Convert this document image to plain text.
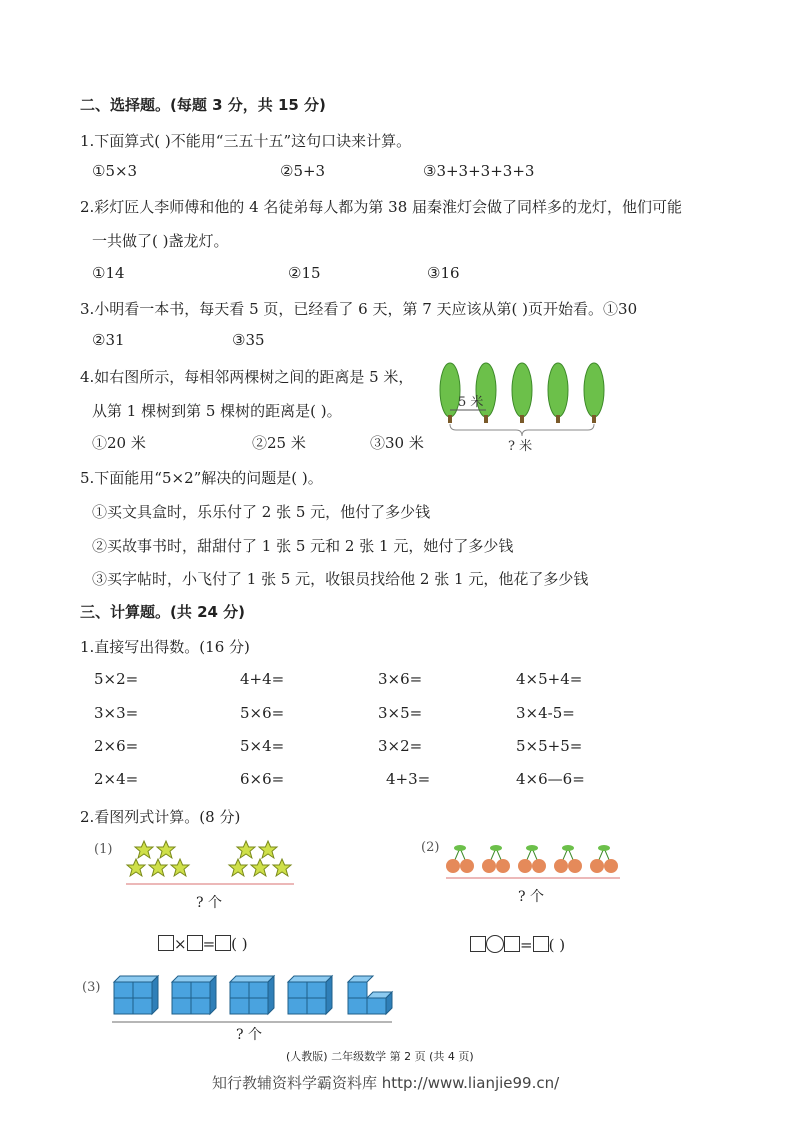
二、选择题。(每题 3 分，共 15 分)
1.下面算式( )不能用“三五十五”这句口诀来计算。
①5×3	②5+3	③3+3+3+3+3
2.彩灯匠人李师傅和他的 4 名徒弟每人都为第 38 届秦淮灯会做了同样多的龙灯，他们可能
一共做了( )盏龙灯。
①14	②15	③16
3.小明看一本书，每天看 5 页，已经看了 6 天，第 7 天应该从第( )页开始看。①30
②31	③35
4.如右图所示，每相邻两棵树之间的距离是 5 米，
从第 1 棵树到第 5 棵树的距离是( )。
①20 米	②25 米	③30 米
5 米
? 米
5.下面能用“5×2”解决的问题是( )。
①买文具盒时，乐乐付了 2 张 5 元，他付了多少钱
②买故事书时，甜甜付了 1 张 5 元和 2 张 1 元，她付了多少钱
③买字帖时，小飞付了 1 张 5 元，收银员找给他 2 张 1 元，他花了多少钱
三、计算题。(共 24 分)
1.直接写出得数。(16 分)
5×2=	4+4=	3×6=	4×5+4=
3×3=	5×6=	3×5=	3×4-5=
2×6=	5×4=	3×2=	5×5+5=
2×4=	6×6=	4+3=	4×6—6=
2.看图列式计算。(8 分)
(1)
? 个
× = ( )
(2)
? 个
= ( )
(3)
? 个
(人教版) 二年级数学 第 2 页 (共 4 页)
知行教辅资料学霸资料库 http://www.lianjie99.cn/
